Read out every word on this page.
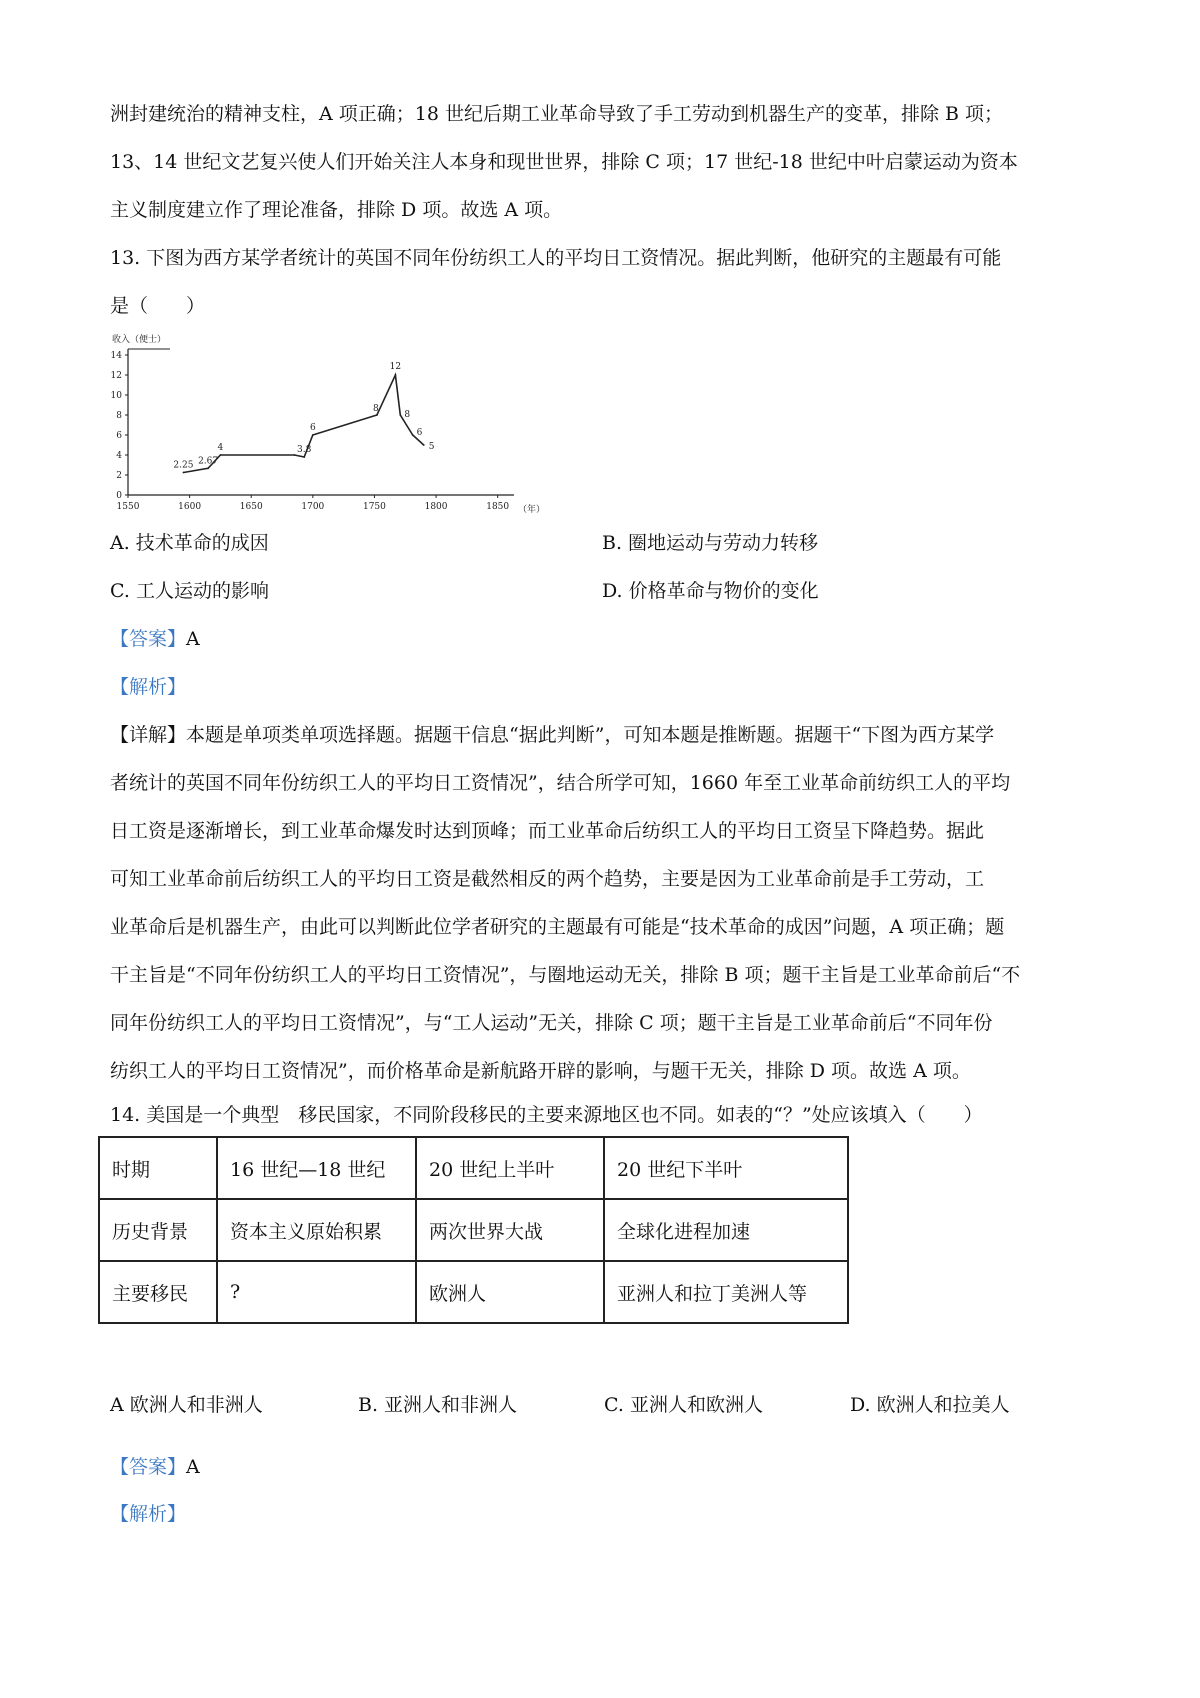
洲封建统治的精神支柱，A 项正确；18 世纪后期工业革命导致了手工劳动到机器生产的变革，排除 B 项；
13、14 世纪文艺复兴使人们开始关注人本身和现世世界，排除 C 项；17 世纪-18 世纪中叶启蒙运动为资本
主义制度建立作了理论准备，排除 D 项。故选 A 项。
13. 下图为西方某学者统计的英国不同年份纺织工人的平均日工资情况。据此判断，他研究的主题最有可能
是（　　）
0
2
4
6
8
10
12
14
1550	1600	1650	1700	1750	1800	1850
2.25 2.67
4	3.8
6
8
12
8
6
5
收入（便士）
（年）
A. 技术革命的成因	B. 圈地运动与劳动力转移
C. 工人运动的影响	D. 价格革命与物价的变化
【答案】A
【解析】
【详解】本题是单项类单项选择题。据题干信息“据此判断”，可知本题是推断题。据题干“下图为西方某学
者统计的英国不同年份纺织工人的平均日工资情况”，结合所学可知，1660 年至工业革命前纺织工人的平均
日工资是逐渐增长，到工业革命爆发时达到顶峰；而工业革命后纺织工人的平均日工资呈下降趋势。据此
可知工业革命前后纺织工人的平均日工资是截然相反的两个趋势，主要是因为工业革命前是手工劳动，工
业革命后是机器生产，由此可以判断此位学者研究的主题最有可能是“技术革命的成因”问题，A 项正确；题
干主旨是“不同年份纺织工人的平均日工资情况”，与圈地运动无关，排除 B 项；题干主旨是工业革命前后“不
同年份纺织工人的平均日工资情况”，与“工人运动”无关，排除 C 项；题干主旨是工业革命前后“不同年份
纺织工人的平均日工资情况”，而价格革命是新航路开辟的影响，与题干无关，排除 D 项。故选 A 项。
14. 美国是一个典型　移民国家，不同阶段移民的主要来源地区也不同。如表的“？”处应该填入（　　）
时期	16 世纪—18 世纪	20 世纪上半叶	20 世纪下半叶
历史背景	资本主义原始积累	两次世界大战	全球化进程加速
主要移民	?	欧洲人	亚洲人和拉丁美洲人等
A 欧洲人和非洲人	B. 亚洲人和非洲人	C. 亚洲人和欧洲人	D. 欧洲人和拉美人
【答案】A
【解析】
